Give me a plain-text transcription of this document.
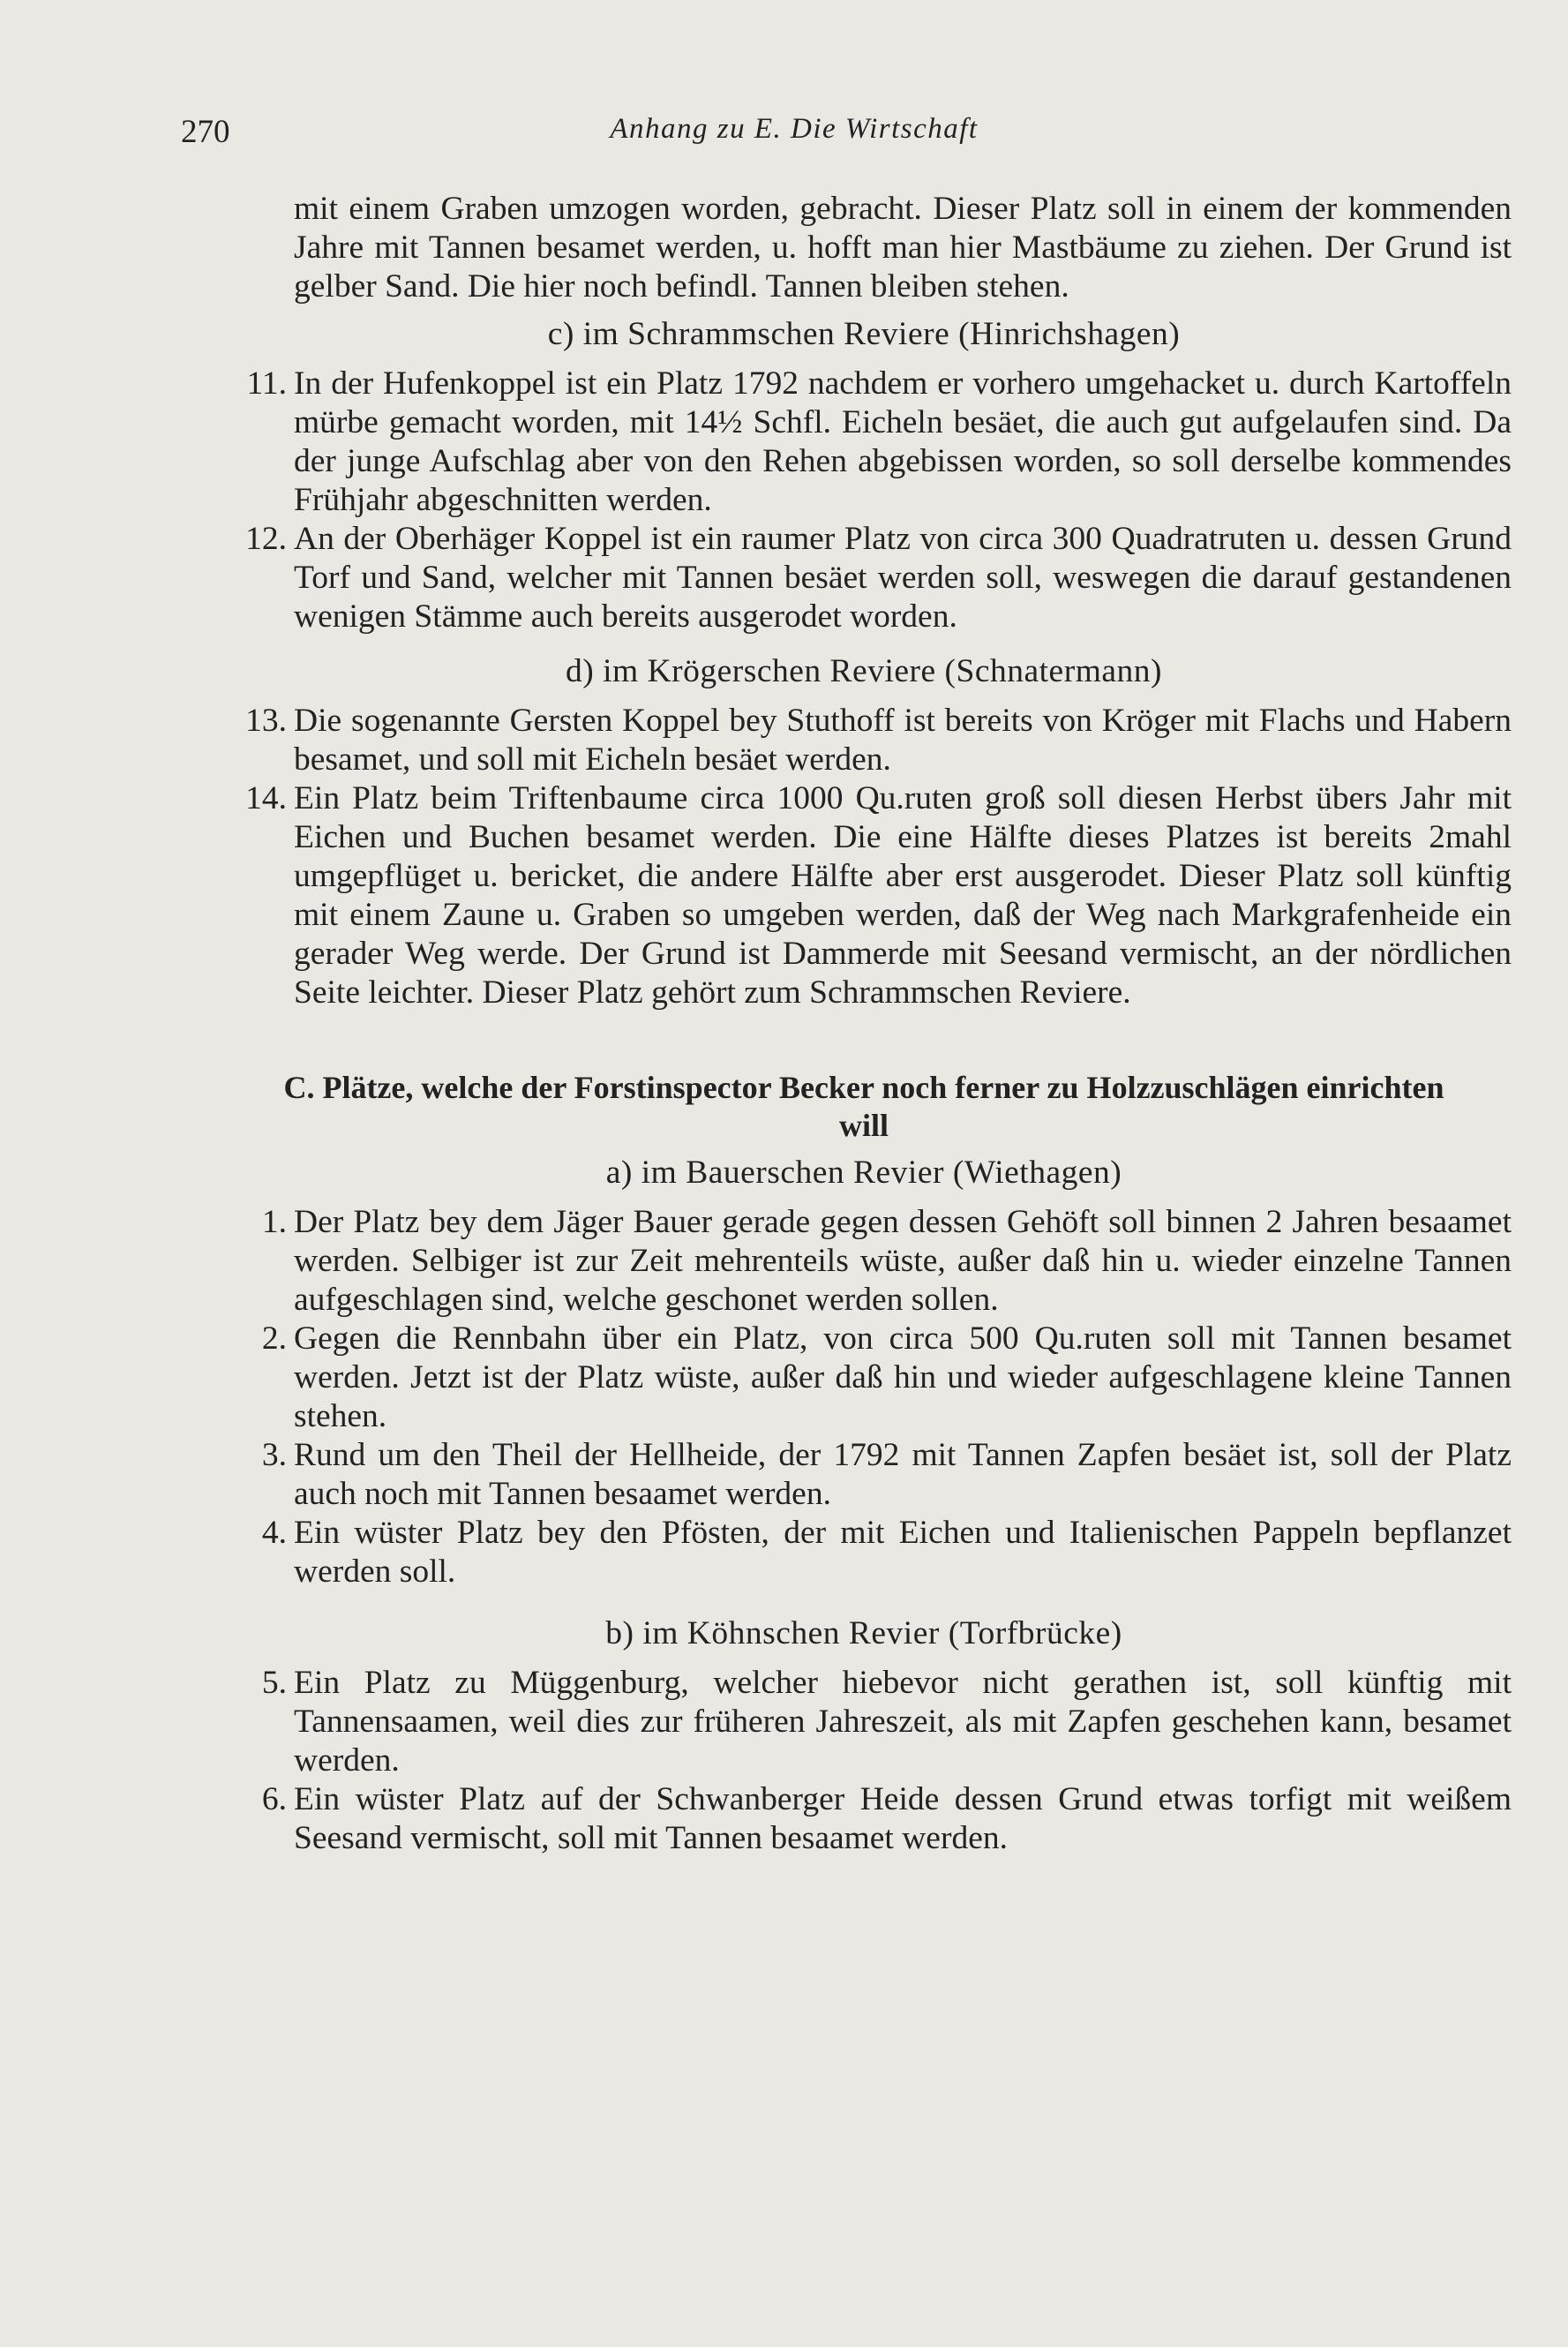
270	Anhang zu E. Die Wirtschaft

mit einem Graben umzogen worden, gebracht. Dieser Platz soll in einem der kommenden Jahre mit Tannen besamet werden, u. hofft man hier Mastbäume zu ziehen. Der Grund ist gelber Sand. Die hier noch befindl. Tannen bleiben stehen.

c) im Schrammschen Reviere (Hinrichshagen)

11. In der Hufenkoppel ist ein Platz 1792 nachdem er vorhero umgehacket u. durch Kartoffeln mürbe gemacht worden, mit 14½ Schfl. Eicheln besäet, die auch gut aufgelaufen sind. Da der junge Aufschlag aber von den Rehen abgebissen worden, so soll derselbe kommendes Frühjahr abgeschnitten werden.

12. An der Oberhäger Koppel ist ein raumer Platz von circa 300 Quadratruten u. dessen Grund Torf und Sand, welcher mit Tannen besäet werden soll, weswegen die darauf gestandenen wenigen Stämme auch bereits ausgerodet worden.

d) im Krögerschen Reviere (Schnatermann)

13. Die sogenannte Gersten Koppel bey Stuthoff ist bereits von Kröger mit Flachs und Habern besamet, und soll mit Eicheln besäet werden.

14. Ein Platz beim Triftenbaume circa 1000 Qu.ruten groß soll diesen Herbst übers Jahr mit Eichen und Buchen besamet werden. Die eine Hälfte dieses Platzes ist bereits 2mahl umgepflüget u. bericket, die andere Hälfte aber erst ausgerodet. Dieser Platz soll künftig mit einem Zaune u. Graben so umgeben werden, daß der Weg nach Markgrafenheide ein gerader Weg werde. Der Grund ist Dammerde mit Seesand vermischt, an der nördlichen Seite leichter. Dieser Platz gehört zum Schrammschen Reviere.

C. Plätze, welche der Forstinspector Becker noch ferner zu Holzzuschlägen einrichten will

a) im Bauerschen Revier (Wiethagen)

1. Der Platz bey dem Jäger Bauer gerade gegen dessen Gehöft soll binnen 2 Jahren besaamet werden. Selbiger ist zur Zeit mehrenteils wüste, außer daß hin u. wieder einzelne Tannen aufgeschlagen sind, welche geschonet werden sollen.

2. Gegen die Rennbahn über ein Platz, von circa 500 Qu.ruten soll mit Tannen besamet werden. Jetzt ist der Platz wüste, außer daß hin und wieder aufgeschlagene kleine Tannen stehen.

3. Rund um den Theil der Hellheide, der 1792 mit Tannen Zapfen besäet ist, soll der Platz auch noch mit Tannen besaamet werden.

4. Ein wüster Platz bey den Pfösten, der mit Eichen und Italienischen Pappeln bepflanzet werden soll.

b) im Köhnschen Revier (Torfbrücke)

5. Ein Platz zu Müggenburg, welcher hiebevor nicht gerathen ist, soll künftig mit Tannensaamen, weil dies zur früheren Jahreszeit, als mit Zapfen geschehen kann, besamet werden.

6. Ein wüster Platz auf der Schwanberger Heide dessen Grund etwas torfigt mit weißem Seesand vermischt, soll mit Tannen besaamet werden.
